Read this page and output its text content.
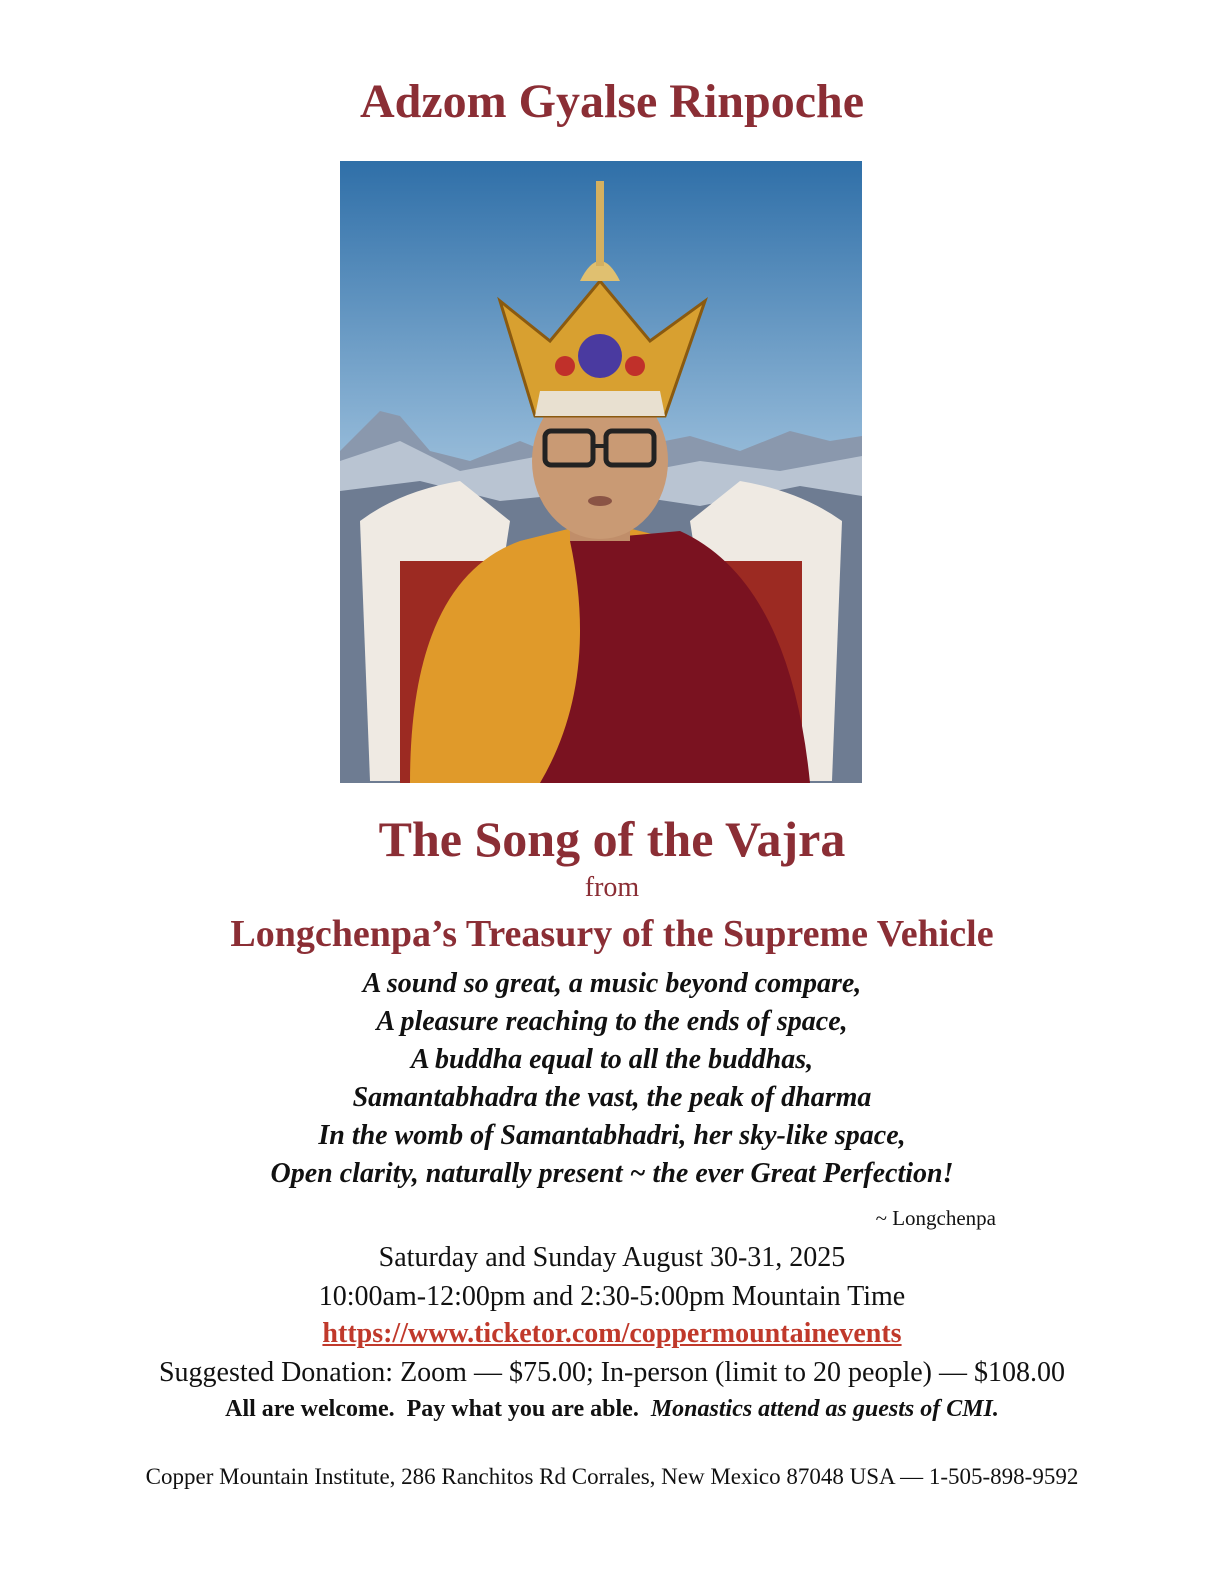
Adzom Gyalse Rinpoche
The Song of the Vajra
from
Longchenpa’s Treasury of the Supreme Vehicle
A sound so great, a music beyond compare,
A pleasure reaching to the ends of space,
A buddha equal to all the buddhas,
Samantabhadra the vast, the peak of dharma
In the womb of Samantabhadri, her sky-like space,
Open clarity, naturally present ~ the ever Great Perfection!
~ Longchenpa
Saturday and Sunday August 30-31, 2025
10:00am-12:00pm and 2:30-5:00pm Mountain Time
https://www.ticketor.com/coppermountainevents
Suggested Donation: Zoom — $75.00; In-person (limit to 20 people) — $108.00
All are welcome.  Pay what you are able. Monastics attend as guests of CMI.
Copper Mountain Institute, 286 Ranchitos Rd Corrales, New Mexico 87048 USA — 1-505-898-9592
